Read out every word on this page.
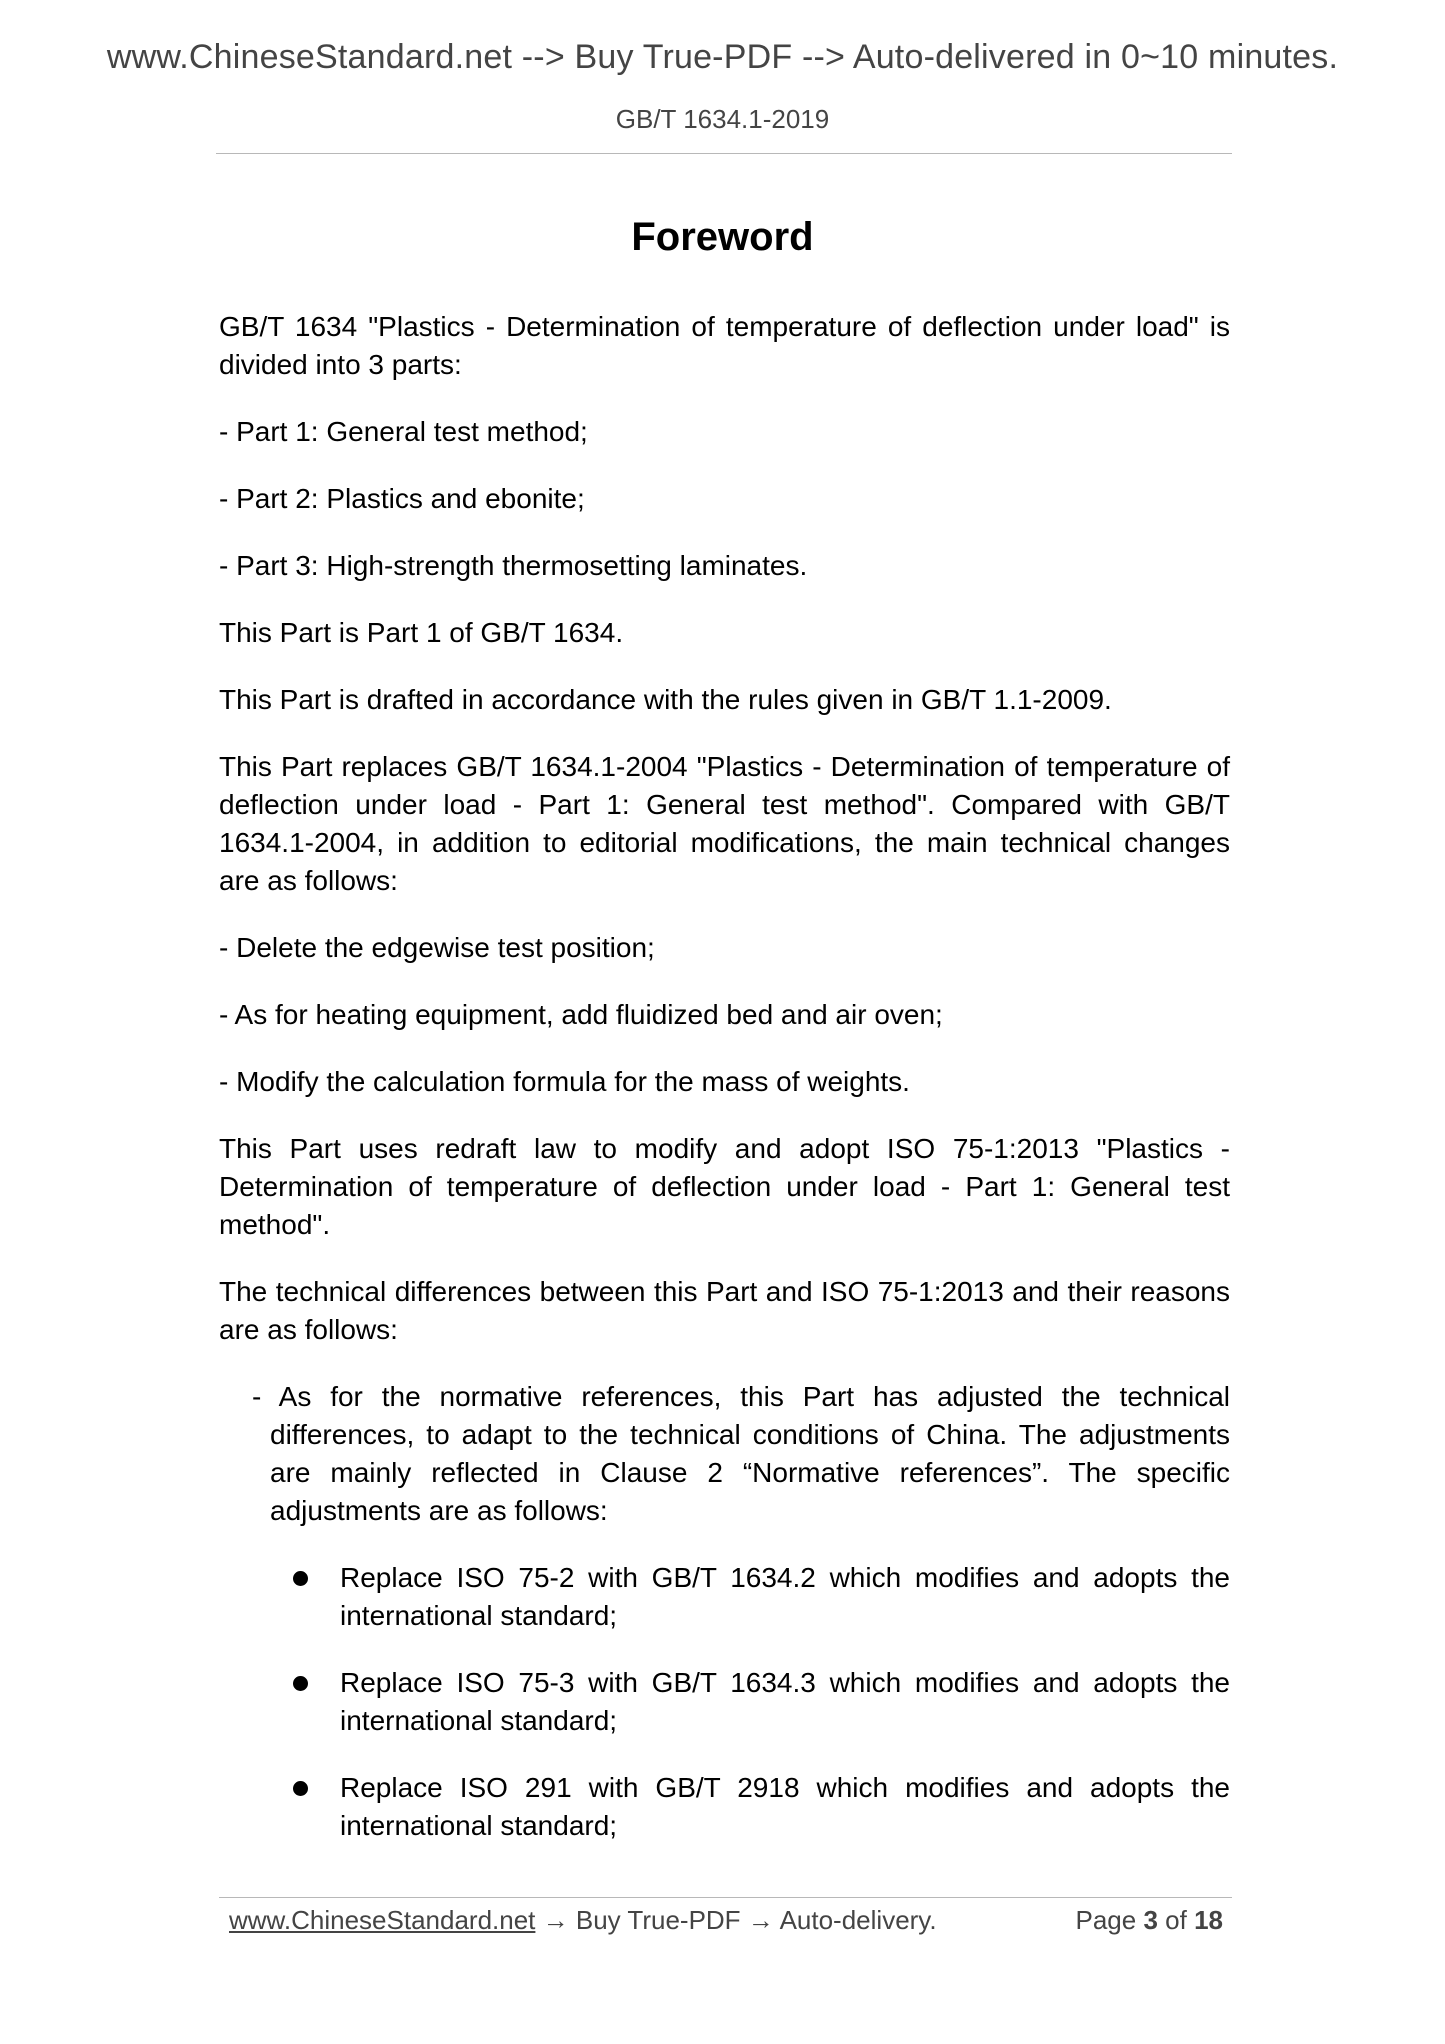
www.ChineseStandard.net --> Buy True-PDF --> Auto-delivered in 0~10 minutes.
GB/T 1634.1-2019
Foreword

GB/T 1634 "Plastics - Determination of temperature of deflection under load" is divided into 3 parts:

- Part 1: General test method;

- Part 2: Plastics and ebonite;

- Part 3: High-strength thermosetting laminates.

This Part is Part 1 of GB/T 1634.

This Part is drafted in accordance with the rules given in GB/T 1.1-2009.

This Part replaces GB/T 1634.1-2004 "Plastics - Determination of temperature of deflection under load - Part 1: General test method". Compared with GB/T 1634.1-2004, in addition to editorial modifications, the main technical changes are as follows:

- Delete the edgewise test position;

- As for heating equipment, add fluidized bed and air oven;

- Modify the calculation formula for the mass of weights.

This Part uses redraft law to modify and adopt ISO 75-1:2013 "Plastics - Determination of temperature of deflection under load - Part 1: General test method".

The technical differences between this Part and ISO 75-1:2013 and their reasons are as follows:

- As for the normative references, this Part has adjusted the technical differences, to adapt to the technical conditions of China. The adjustments are mainly reflected in Clause 2 “Normative references”. The specific adjustments are as follows:

Replace ISO 75-2 with GB/T 1634.2 which modifies and adopts the international standard;

Replace ISO 75-3 with GB/T 1634.3 which modifies and adopts the international standard;

Replace ISO 291 with GB/T 2918 which modifies and adopts the international standard;

www.ChineseStandard.net → Buy True-PDF → Auto-delivery.	Page 3 of 18
